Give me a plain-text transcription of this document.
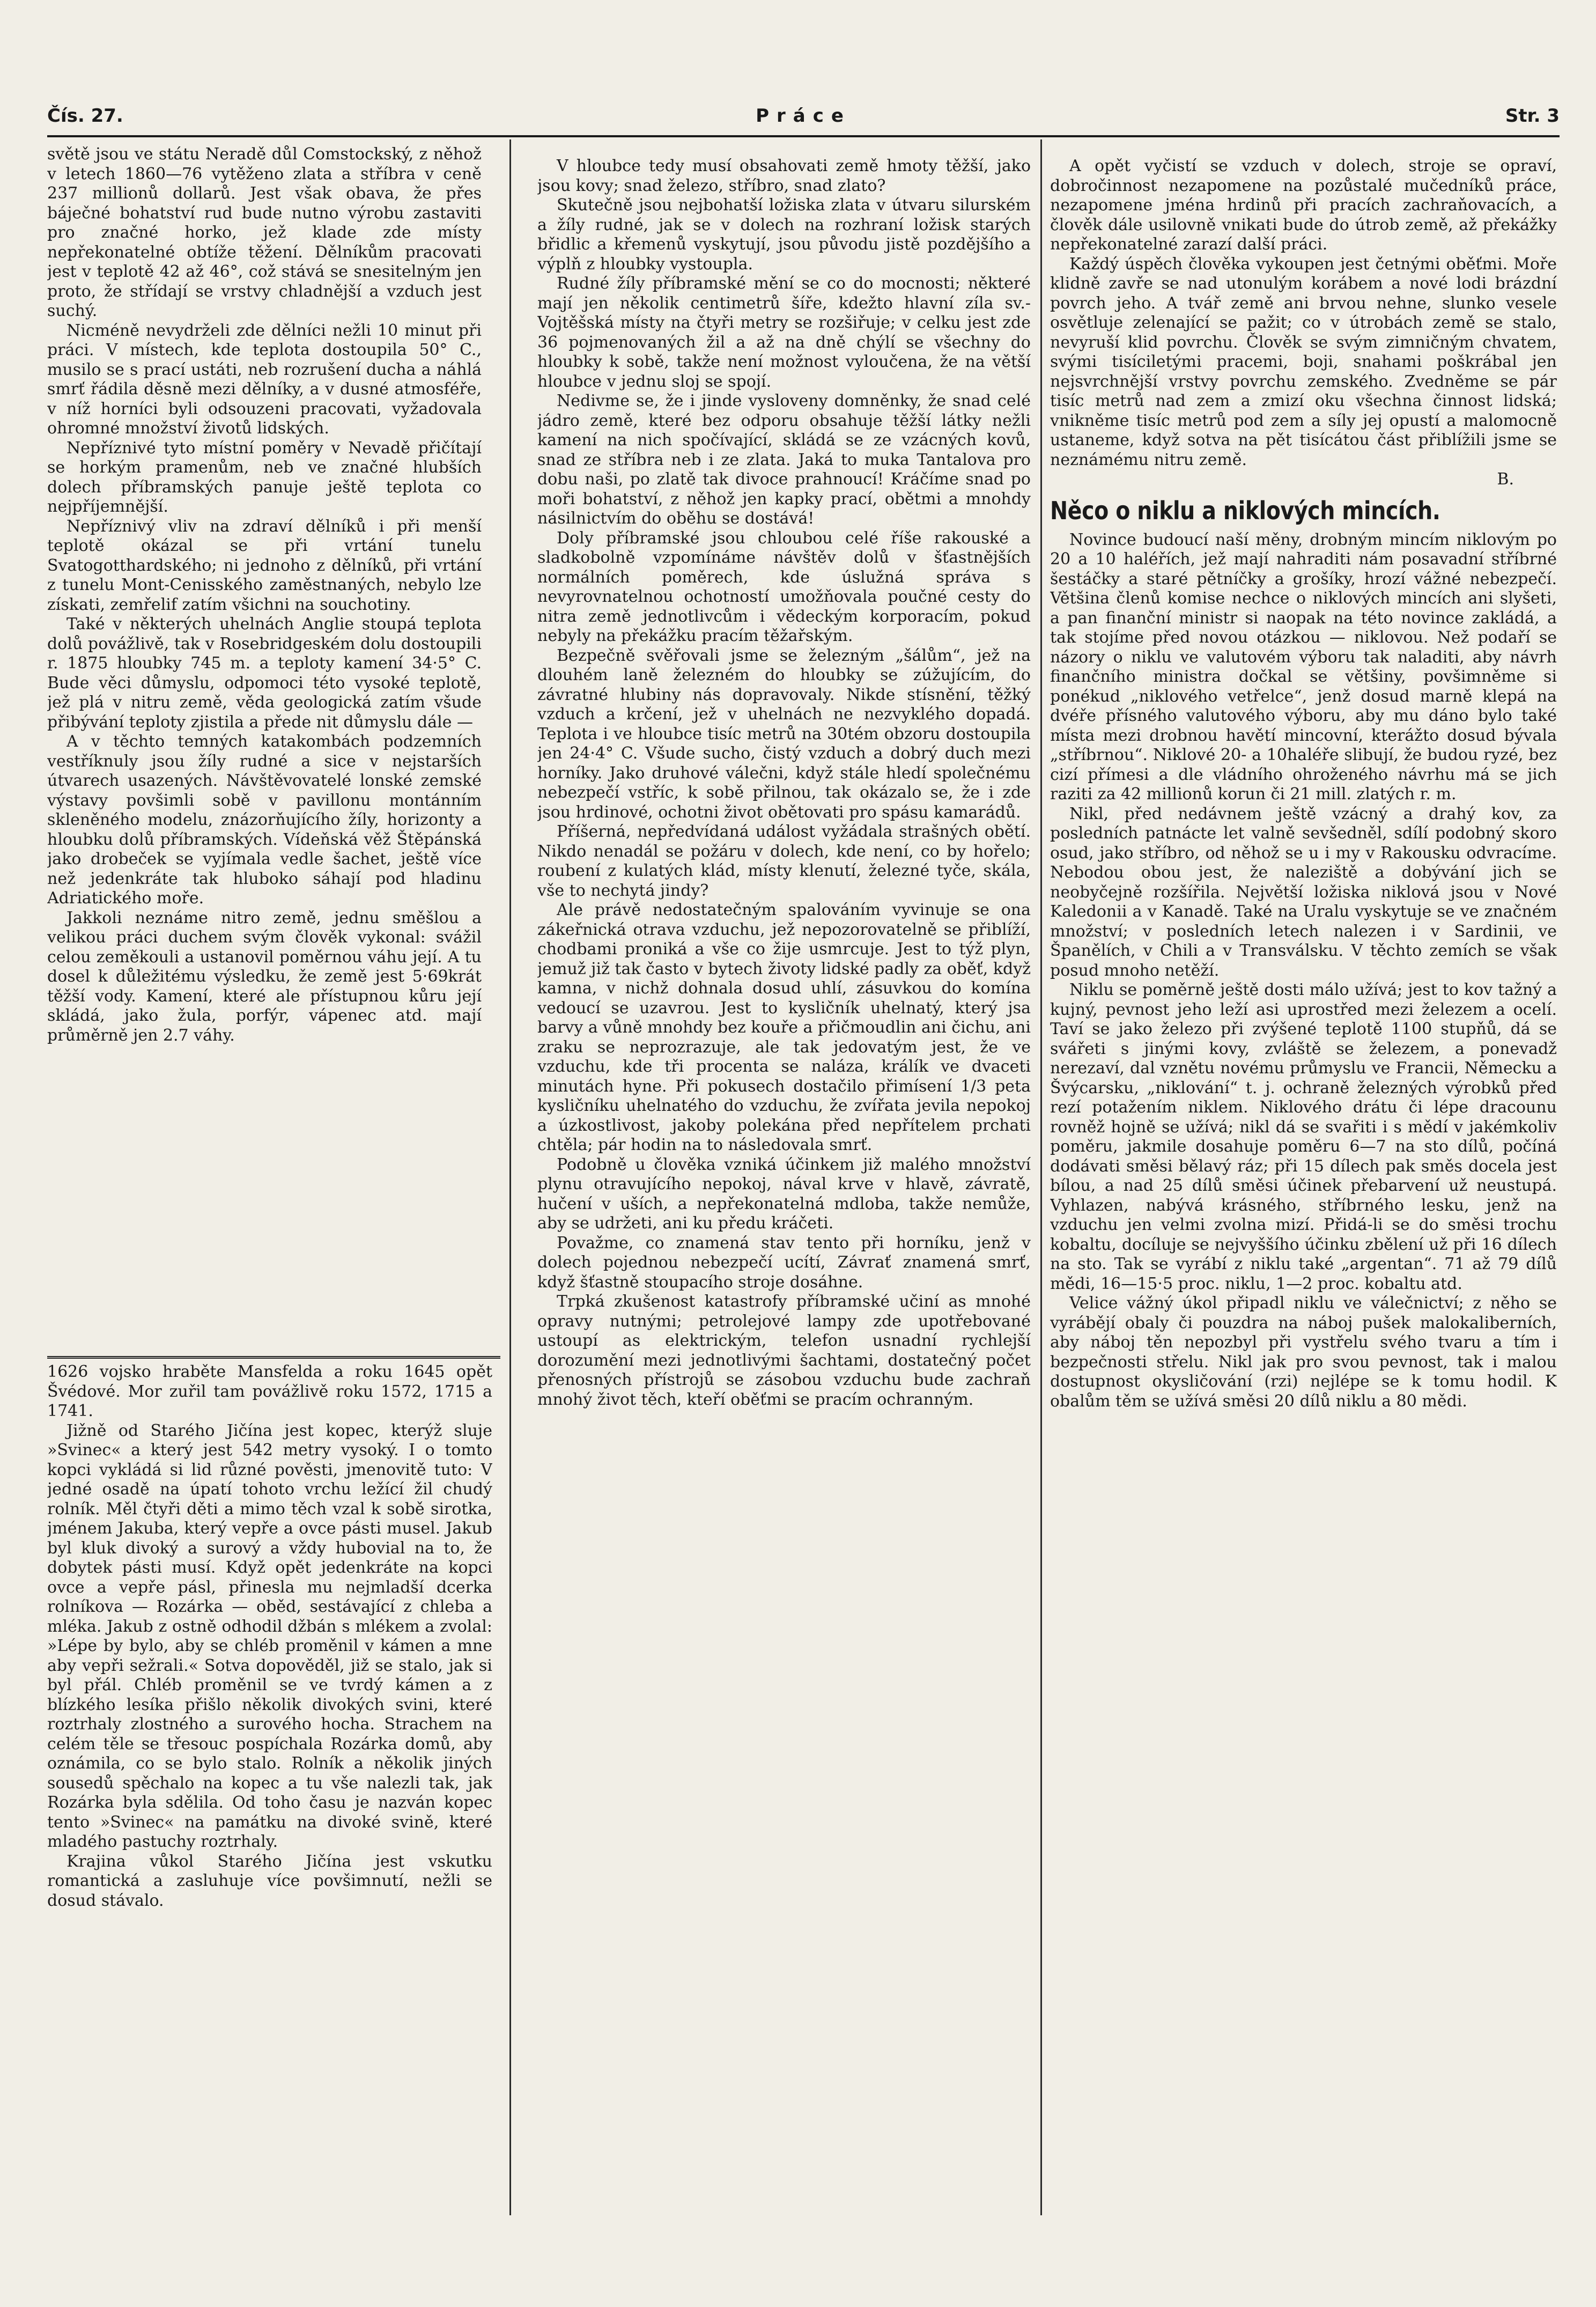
Čís. 27.	Práce	Str. 3

světě jsou ve státu Neradě důl Comstockský, z něhož v letech 1860—76 vytěženo zlata a stříbra v ceně 237 millionů dollarů. Jest však obava, že přes báječné bohatství rud bude nutno výrobu zastaviti pro značné horko, jež klade zde místy nepřekonatelné obtíže těžení. Dělníkům pracovati jest v teplotě 42 až 46°, což stává se snesitelným jen proto, že střídají se vrstvy chladnější a vzduch jest suchý.

Nicméně nevydrželi zde dělníci nežli 10 minut při práci. V místech, kde teplota dostoupila 50° C., musilo se s prací ustáti, neb rozrušení ducha a náhlá smrť řádila děsně mezi dělníky, a v dusné atmosféře, v níž horníci byli odsouzeni pracovati, vyžadovala ohromné množství životů lidských.

Nepříznivé tyto místní poměry v Nevadě přičítají se horkým pramenům, neb ve značné hlubších dolech příbramských panuje ještě teplota co nejpříjemnější.

Nepříznivý vliv na zdraví dělníků i při menší teplotě okázal se při vrtání tunelu Svatogotthardského; ni jednoho z dělníků, při vrtání z tunelu Mont-Cenisského zaměstnaných, nebylo lze získati, zemřelif zatím všichni na souchotiny.

Také v některých uhelnách Anglie stoupá teplota dolů povážlivě, tak v Rosebridgeském dolu dostoupili r. 1875 hloubky 745 m. a teploty kamení 34·5° C. Bude věci důmyslu, odpomoci této vysoké teplotě, jež plá v nitru země, věda geologická zatím všude přibývání teploty zjistila a přede nit důmyslu dále —

A v těchto temných katakombách podzemních vestříknuly jsou žíly rudné a sice v nejstarších útvarech usazených. Návštěvovatelé lonské zemské výstavy povšimli sobě v pavillonu montánním skleněného modelu, znázorňujícího žíly, horizonty a hloubku dolů příbramských. Vídeňská věž Štěpánská jako drobeček se vyjímala vedle šachet, ještě více než jedenkráte tak hluboko sáhají pod hladinu Adriatického moře.

Jakkoli neznáme nitro země, jednu směšlou a velikou práci duchem svým člověk vykonal: svážil celou zeměkouli a ustanovil poměrnou váhu její. A tu dosel k důležitému výsledku, že země jest 5·69krát těžší vody. Kamení, které ale přístupnou kůru její skládá, jako žula, porfýr, vápenec atd. mají průměrně jen 2.7 váhy.

1626 vojsko hraběte Mansfelda a roku 1645 opět Švédové. Mor zuřil tam povážlivě roku 1572, 1715 a 1741.

Jižně od Starého Jičína jest kopec, kterýž sluje »Svinec« a který jest 542 metry vysoký. I o tomto kopci vykládá si lid různé pověsti, jmenovitě tuto: V jedné osadě na úpatí tohoto vrchu ležící žil chudý rolník. Měl čtyři děti a mimo těch vzal k sobě sirotka, jménem Jakuba, který vepře a ovce pásti musel. Jakub byl kluk divoký a surový a vždy hubovial na to, že dobytek pásti musí. Když opět jedenkráte na kopci ovce a vepře pásl, přinesla mu nejmladší dcerka rolníkova — Rozárka — oběd, sestávající z chleba a mléka. Jakub z ostně odhodil džbán s mlékem a zvolal: »Lépe by bylo, aby se chléb proměnil v kámen a mne aby vepři sežrali.« Sotva dopověděl, již se stalo, jak si byl přál. Chléb proměnil se ve tvrdý kámen a z blízkého lesíka přišlo několik divokých svini, které roztrhaly zlostného a surového hocha. Strachem na celém těle se třesouc pospíchala Rozárka domů, aby oznámila, co se bylo stalo. Rolník a několik jiných sousedů spěchalo na kopec a tu vše nalezli tak, jak Rozárka byla sdělila. Od toho času je nazván kopec tento »Svinec« na památku na divoké svině, které mladého pastuchy roztrhaly.

Krajina vůkol Starého Jičína jest vskutku romantická a zasluhuje více povšimnutí, nežli se dosud stávalo.

V hloubce tedy musí obsahovati země hmoty těžší, jako jsou kovy; snad železo, stříbro, snad zlato?

Skutečně jsou nejbohatší ložiska zlata v útvaru silurském a žíly rudné, jak se v dolech na rozhraní ložisk starých břidlic a křemenů vyskytují, jsou původu jistě pozdějšího a výplň z hloubky vystoupla.

Rudné žíly příbramské mění se co do mocnosti; některé mají jen několik centimetrů šíře, kdežto hlavní zíla sv.-Vojtěšská místy na čtyři metry se rozšiřuje; v celku jest zde 36 pojmenovaných žil a až na dně chýlí se všechny do hloubky k sobě, takže není možnost vyloučena, že na větší hloubce v jednu sloj se spojí.

Nedivme se, že i jinde vysloveny domněnky, že snad celé jádro země, které bez odporu obsahuje těžší látky nežli kamení na nich spočívající, skládá se ze vzácných kovů, snad ze stříbra neb i ze zlata. Jaká to muka Tantalova pro dobu naši, po zlatě tak divoce prahnoucí! Kráčíme snad po moři bohatství, z něhož jen kapky prací, obětmi a mnohdy násilnictvím do oběhu se dostává!

Doly příbramské jsou chloubou celé říše rakouské a sladkobolně vzpomínáme návštěv dolů v šťastnějších normálních poměrech, kde úslužná správa s nevyrovnatelnou ochotností umožňovala poučné cesty do nitra země jednotlivcům i vědeckým korporacím, pokud nebyly na překážku pracím těžařským.

Bezpečně svěřovali jsme se železným „šálům“, jež na dlouhém laně železném do hloubky se zúžujícím, do závratné hlubiny nás dopravovaly. Nikde stísnění, těžký vzduch a krčení, jež v uhelnách ne nezvyklého dopadá. Teplota i ve hloubce tisíc metrů na 30tém obzoru dostoupila jen 24·4° C. Všude sucho, čistý vzduch a dobrý duch mezi horníky. Jako druhové válečni, když stále hledí společnému nebezpečí vstříc, k sobě přilnou, tak okázalo se, že i zde jsou hrdinové, ochotni život obětovati pro spásu kamarádů.

Příšerná, nepředvídaná událost vyžádala strašných obětí. Nikdo nenadál se požáru v dolech, kde není, co by hořelo; roubení z kulatých klád, místy klenutí, železné tyče, skála, vše to nechytá jindy?

Ale právě nedostatečným spalováním vyvinuje se ona zákeřnická otrava vzduchu, jež nepozorovatelně se přiblíží, chodbami proniká a vše co žije usmrcuje. Jest to týž plyn, jemuž již tak často v bytech životy lidské padly za oběť, když kamna, v nichž dohnala dosud uhlí, zásuvkou do komína vedoucí se uzavrou. Jest to kysličník uhelnatý, který jsa barvy a vůně mnohdy bez kouře a přičmoudlin ani čichu, ani zraku se neprozrazuje, ale tak jedovatým jest, že ve vzduchu, kde tři procenta se naláza, králík ve dvaceti minutách hyne. Při pokusech dostačilo přimísení 1/3 peta kysličníku uhelnatého do vzduchu, že zvířata jevila nepokoj a úzkostlivost, jakoby polekána před nepřítelem prchati chtěla; pár hodin na to následovala smrť.

Podobně u člověka vzniká účinkem již malého množství plynu otravujícího nepokoj, nával krve v hlavě, závratě, hučení v uších, a nepřekonatelná mdloba, takže nemůže, aby se udržeti, ani ku předu kráčeti.

Považme, co znamená stav tento při horníku, jenž v dolech pojednou nebezpečí ucítí, Závrať znamená smrť, když šťastně stoupacího stroje dosáhne.

Trpká zkušenost katastrofy příbramské učiní as mnohé opravy nutnými; petrolejové lampy zde upotřebované ustoupí as elektrickým, telefon usnadní rychlejší dorozumění mezi jednotlivými šachtami, dostatečný počet přenosných přístrojů se zásobou vzduchu bude zachraň mnohý život těch, kteří oběťmi se pracím ochranným.

A opět vyčistí se vzduch v dolech, stroje se opraví, dobročinnost nezapomene na pozůstalé mučedníků práce, nezapomene jména hrdinů při pracích zachraňovacích, a člověk dále usilovně vnikati bude do útrob země, až překážky nepřekonatelné zarazí další práci.

Každý úspěch člověka vykoupen jest četnými oběťmi. Moře klidně zavře se nad utonulým korábem a nové lodi brázdní povrch jeho. A tvář země ani brvou nehne, slunko vesele osvětluje zelenající se pažit; co v útrobách země se stalo, nevyruší klid povrchu. Člověk se svým zimničným chvatem, svými tisíciletými pracemi, boji, snahami poškrábal jen nejsvrchnější vrstvy povrchu zemského. Zvedněme se pár tisíc metrů nad zem a zmizí oku všechna činnost lidská; vnikněme tisíc metrů pod zem a síly jej opustí a malomocně ustaneme, když sotva na pět tisícátou část přiblížili jsme se neznámému nitru země.

B.

Něco o niklu a niklových mincích.

Novince budoucí naší měny, drobným mincím niklovým po 20 a 10 haléřích, jež mají nahraditi nám posavadní stříbrné šestáčky a staré pětníčky a grošíky, hrozí vážné nebezpečí. Většina členů komise nechce o niklových mincích ani slyšeti, a pan finanční ministr si naopak na této novince zakládá, a tak stojíme před novou otázkou — niklovou. Než podaří se názory o niklu ve valutovém výboru tak naladiti, aby návrh finančního ministra dočkal se většiny, povšimněme si ponékud „niklového vetřelce“, jenž dosud marně klepá na dvéře přísného valutového výboru, aby mu dáno bylo také místa mezi drobnou havětí mincovní, kterážto dosud bývala „stříbrnou“. Niklové 20- a 10haléře slibují, že budou ryzé, bez cizí přímesi a dle vládního ohroženého návrhu má se jich raziti za 42 millionů korun či 21 mill. zlatých r. m.

Nikl, před nedávnem ještě vzácný a drahý kov, za posledních patnácte let valně sevšedněl, sdílí podobný skoro osud, jako stříbro, od něhož se u i my v Rakousku odvracíme. Nebodou obou jest, že naleziště a dobývání jich se neobyčejně rozšířila. Největší ložiska niklová jsou v Nové Kaledonii a v Kanadě. Také na Uralu vyskytuje se ve značném množství; v posledních letech nalezen i v Sardinii, ve Španělích, v Chili a v Transválsku. V těchto zemích se však posud mnoho netěží.

Niklu se poměrně ještě dosti málo užívá; jest to kov tažný a kujný, pevnost jeho leží asi uprostřed mezi železem a ocelí. Taví se jako železo při zvýšené teplotě 1100 stupňů, dá se svářeti s jinými kovy, zvláště se železem, a ponevadž nerezaví, dal vznětu novému průmyslu ve Francii, Německu a Švýcarsku, „niklování“ t. j. ochraně železných výrobků před rezí potažením niklem. Niklového drátu či lépe dracounu rovněž hojně se užívá; nikl dá se svařiti i s mědí v jakémkoliv poměru, jakmile dosahuje poměru 6—7 na sto dílů, počíná dodávati směsi bělavý ráz; při 15 dílech pak směs docela jest bílou, a nad 25 dílů směsi účinek přebarvení už neustupá. Vyhlazen, nabývá krásného, stříbrného lesku, jenž na vzduchu jen velmi zvolna mizí. Přidá-li se do směsi trochu kobaltu, docíluje se nejvyššího účinku zbělení už při 16 dílech na sto. Tak se vyrábí z niklu také „argentan“. 71 až 79 dílů mědi, 16—15·5 proc. niklu, 1—2 proc. kobaltu atd.

Velice vážný úkol připadl niklu ve válečnictví; z něho se vyrábějí obaly či pouzdra na náboj pušek malokaliberních, aby náboj těn nepozbyl při vystřelu svého tvaru a tím i bezpečnosti střelu. Nikl jak pro svou pevnost, tak i malou dostupnost okysličování (rzi) nejlépe se k tomu hodil. K obalům těm se užívá směsi 20 dílů niklu a 80 mědi.
